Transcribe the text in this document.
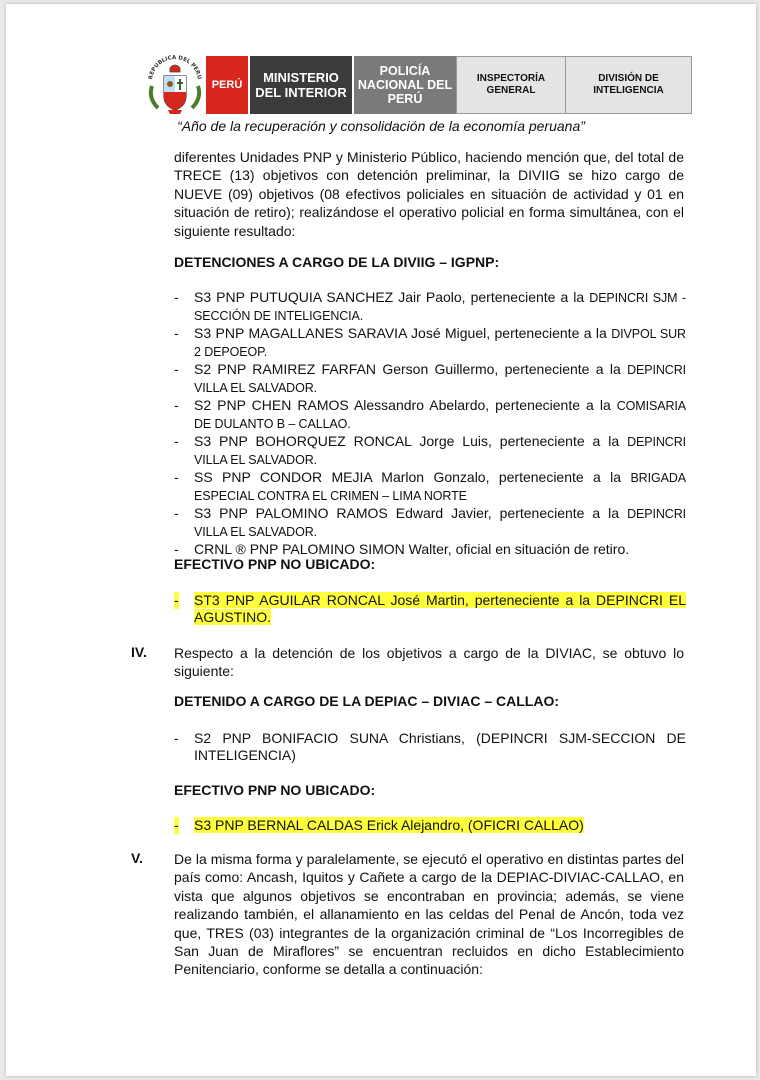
REPUBLICA DEL PERU
PERÚ	MINISTERIO DEL INTERIOR
POLICÍA NACIONAL DEL PERÚ
INSPECTORÍA GENERAL
DIVISIÓN DE INTELIGENCIA
“Año de la recuperación y consolidación de la economía peruana”

diferentes Unidades PNP y Ministerio Público, haciendo mención que, del total de TRECE (13) objetivos con detención preliminar, la DIVIIG se hizo cargo de NUEVE (09) objetivos (08 efectivos policiales en situación de actividad y 01 en situación de retiro); realizándose el operativo policial en forma simultánea, con el siguiente resultado:

DETENCIONES A CARGO DE LA DIVIIG – IGPNP:

- S3 PNP PUTUQUIA SANCHEZ Jair Paolo, perteneciente a la DEPINCRI SJM - SECCIÓN DE INTELIGENCIA.
- S3 PNP MAGALLANES SARAVIA José Miguel, perteneciente a la DIVPOL SUR 2 DEPOEOP.
- S2 PNP RAMIREZ FARFAN Gerson Guillermo, perteneciente a la DEPINCRI VILLA EL SALVADOR.
- S2 PNP CHEN RAMOS Alessandro Abelardo, perteneciente a la COMISARIA DE DULANTO B – CALLAO.
- S3 PNP BOHORQUEZ RONCAL Jorge Luis, perteneciente a la DEPINCRI VILLA EL SALVADOR.
- SS PNP CONDOR MEJIA Marlon Gonzalo, perteneciente a la BRIGADA ESPECIAL CONTRA EL CRIMEN – LIMA NORTE
- S3 PNP PALOMINO RAMOS Edward Javier, perteneciente a la DEPINCRI VILLA EL SALVADOR.
- CRNL ® PNP PALOMINO SIMON Walter, oficial en situación de retiro.

EFECTIVO PNP NO UBICADO:

- ST3 PNP AGUILAR RONCAL José Martin, perteneciente a la DEPINCRI EL AGUSTINO.
IV. Respecto a la detención de los objetivos a cargo de la DIVIAC, se obtuvo lo siguiente:

DETENIDO A CARGO DE LA DEPIAC – DIVIAC – CALLAO:

- S2 PNP BONIFACIO SUNA Christians, (DEPINCRI SJM-SECCION DE INTELIGENCIA)

EFECTIVO PNP NO UBICADO:

- S3 PNP BERNAL CALDAS Erick Alejandro, (OFICRI CALLAO)
V. De la misma forma y paralelamente, se ejecutó el operativo en distintas partes del país como: Ancash, Iquitos y Cañete a cargo de la DEPIAC-DIVIAC-CALLAO, en vista que algunos objetivos se encontraban en provincia; además, se viene realizando también, el allanamiento en las celdas del Penal de Ancón, toda vez que, TRES (03) integrantes de la organización criminal de “Los Incorregibles de San Juan de Miraflores” se encuentran recluidos en dicho Establecimiento Penitenciario, conforme se detalla a continuación:
